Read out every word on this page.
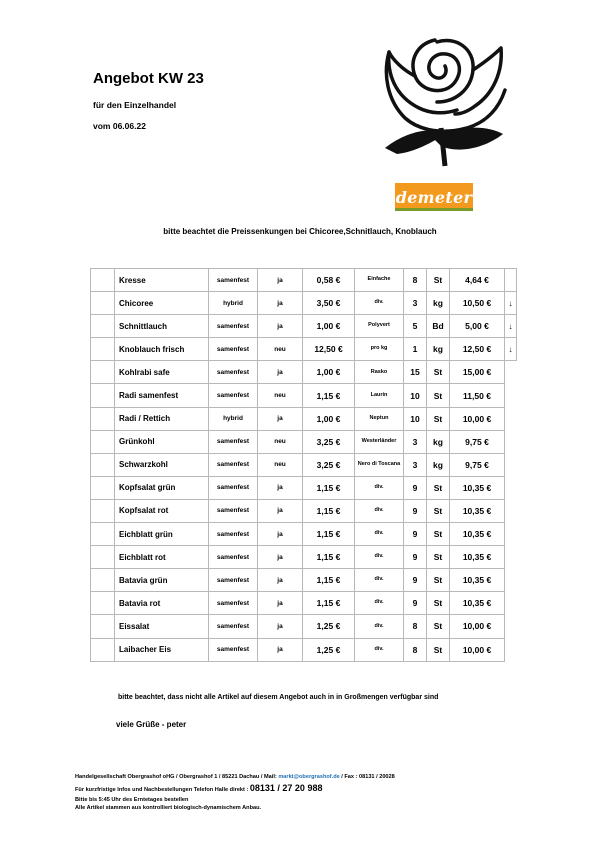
Angebot KW 23
für den Einzelhandel
vom 06.06.22
demeter
bitte beachtet die Preissenkungen bei Chicoree,Schnitlauch, Knoblauch
	Kresse	samenfest	ja	0,58 €	Einfache	8	St	4,64 €	
	Chicoree	hybrid	ja	3,50 €	div.	3	kg	10,50 €	↓
	Schnittlauch	samenfest	ja	1,00 €	Polyvert	5	Bd	5,00 €	↓
	Knoblauch frisch	samenfest	neu	12,50 €	pro kg	1	kg	12,50 €	↓
	Kohlrabi safe	samenfest	ja	1,00 €	Rasko	15	St	15,00 €	
	Radi samenfest	samenfest	neu	1,15 €	Laurin	10	St	11,50 €	
	Radi / Rettich	hybrid	ja	1,00 €	Neptun	10	St	10,00 €	
	Grünkohl	samenfest	neu	3,25 €	Westerländer	3	kg	9,75 €	
	Schwarzkohl	samenfest	neu	3,25 €	Nero di Toscana	3	kg	9,75 €	
	Kopfsalat grün	samenfest	ja	1,15 €	div.	9	St	10,35 €	
	Kopfsalat rot	samenfest	ja	1,15 €	div.	9	St	10,35 €	
	Eichblatt grün	samenfest	ja	1,15 €	div.	9	St	10,35 €	
	Eichblatt rot	samenfest	ja	1,15 €	div.	9	St	10,35 €	
	Batavia grün	samenfest	ja	1,15 €	div.	9	St	10,35 €	
	Batavia rot	samenfest	ja	1,15 €	div.	9	St	10,35 €	
	Eissalat	samenfest	ja	1,25 €	div.	8	St	10,00 €	
	Laibacher Eis	samenfest	ja	1,25 €	div.	8	St	10,00 €	
bitte beachtet, dass nicht alle Artikel auf diesem Angebot auch in in Großmengen verfügbar sind
viele Grüße - peter
Handelgesellschaft Obergrashof oHG / Obergrashof 1 / 85221 Dachau / Mail: markt@obergrashof.de / Fax : 08131 / 20028
Für kurzfristige Infos und Nachbestellungen Telefon Halle direkt : 08131 / 27 20 988
Bitte bis 5:45 Uhr des Erntetages bestellen
Alle Artikel stammen aus kontrolliert biologisch-dynamischem Anbau.
